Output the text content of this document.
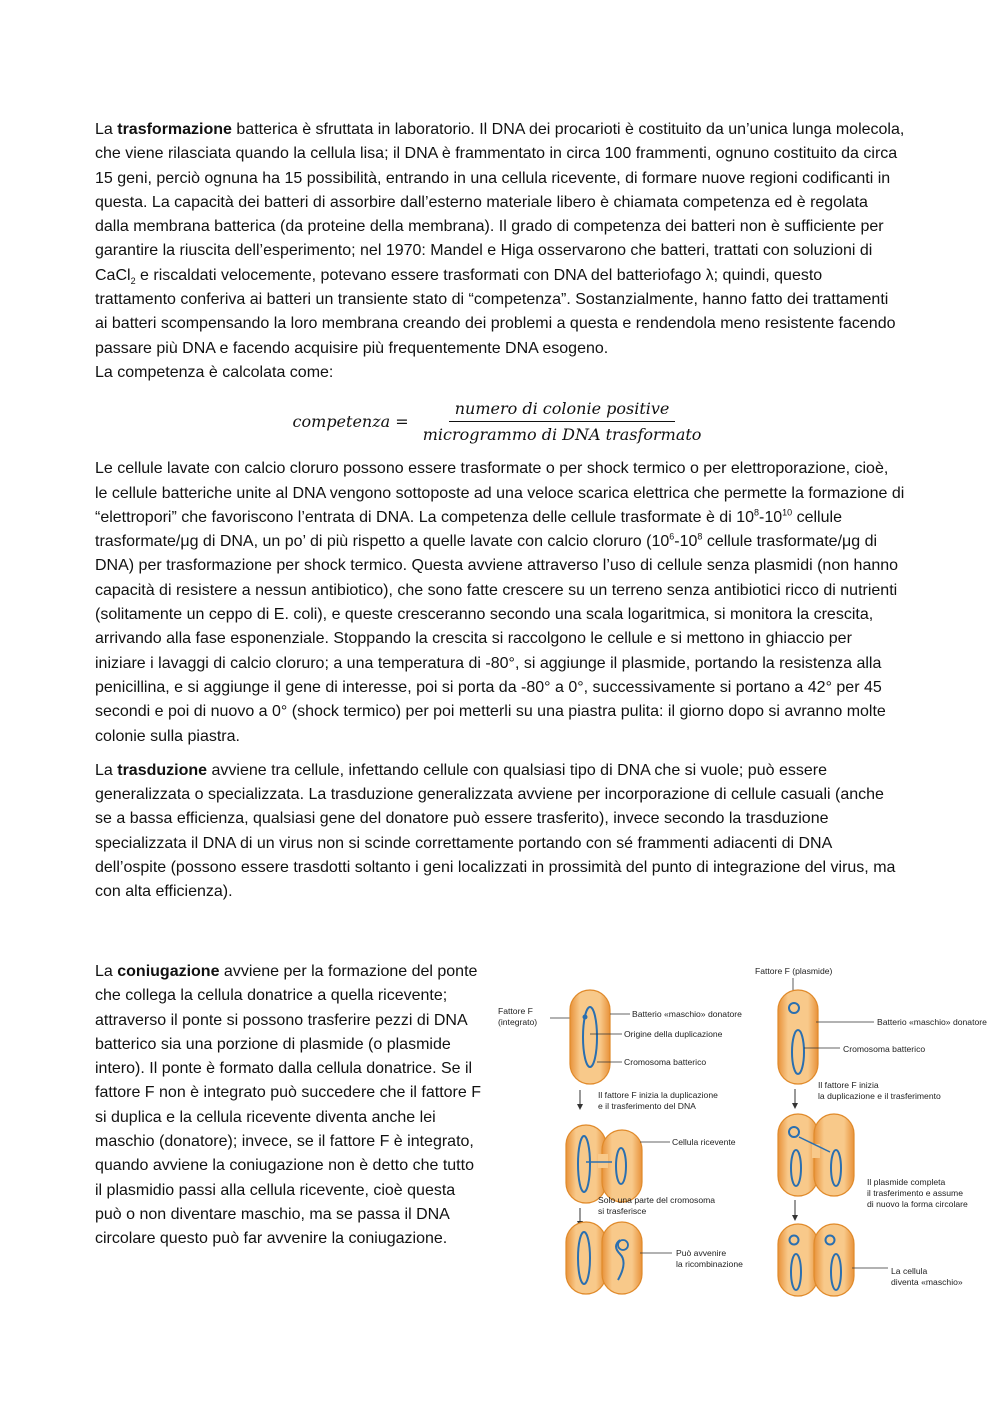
La trasformazione batterica è sfruttata in laboratorio. Il DNA dei procarioti è costituito da un’unica lunga molecola, che viene rilasciata quando la cellula lisa; il DNA è frammentato in circa 100 frammenti, ognuno costituito da circa 15 geni, perciò ognuna ha 15 possibilità, entrando in una cellula ricevente, di formare nuove regioni codificanti in questa. La capacità dei batteri di assorbire dall’esterno materiale libero è chiamata competenza ed è regolata dalla membrana batterica (da proteine della membrana). Il grado di competenza dei batteri non è sufficiente per garantire la riuscita dell’esperimento; nel 1970: Mandel e Higa osservarono che batteri, trattati con soluzioni di CaCl$_2$ e riscaldati velocemente, potevano essere trasformati con DNA del batteriofago λ; quindi, questo trattamento conferiva ai batteri un transiente stato di “competenza”. Sostanzialmente, hanno fatto dei trattamenti ai batteri scompensando la loro membrana creando dei problemi a questa e rendendola meno resistente facendo passare più DNA e facendo acquisire più frequentemente DNA esogeno.
La competenza è calcolata come:

competenza = $\frac{\text{numero di colonie positive}}{\text{microgrammo di DNA trasformato}}$

Le cellule lavate con calcio cloruro possono essere trasformate o per shock termico o per elettroporazione, cioè, le cellule batteriche unite al DNA vengono sottoposte ad una veloce scarica elettrica che permette la formazione di “elettropori” che favoriscono l’entrata di DNA. La competenza delle cellule trasformate è di $10^8-10^{10}$ cellule trasformate/μg di DNA, un po’ di più rispetto a quelle lavate con calcio cloruro ($10^6-10^8$ cellule trasformate/μg di DNA) per trasformazione per shock termico. Questa avviene attraverso l’uso di cellule senza plasmidi (non hanno capacità di resistere a nessun antibiotico), che sono fatte crescere su un terreno senza antibiotici ricco di nutrienti (solitamente un ceppo di E. coli), e queste cresceranno secondo una scala logaritmica, si monitora la crescita, arrivando alla fase esponenziale. Stoppando la crescita si raccolgono le cellule e si mettono in ghiaccio per iniziare i lavaggi di calcio cloruro; a una temperatura di -80°, si aggiunge il plasmide, portando la resistenza alla penicillina, e si aggiunge il gene di interesse, poi si porta da -80° a 0°, successivamente si portano a 42° per 45 secondi e poi di nuovo a 0° (shock termico) per poi metterli su una piastra pulita: il giorno dopo si avranno molte colonie sulla piastra.

La trasduzione avviene tra cellule, infettando cellule con qualsiasi tipo di DNA che si vuole; può essere generalizzata o specializzata. La trasduzione generalizzata avviene per incorporazione di cellule casuali (anche se a bassa efficienza, qualsiasi gene del donatore può essere trasferito), invece secondo la trasduzione specializzata il DNA di un virus non si scinde correttamente portando con sé frammenti adiacenti di DNA dell’ospite (possono essere trasdotti soltanto i geni localizzati in prossimità del punto di integrazione del virus, ma con alta efficienza).

La coniugazione avviene per la formazione del ponte che collega la cellula donatrice a quella ricevente; attraverso il ponte si possono trasferire pezzi di DNA batterico sia una porzione di plasmide (o plasmide intero). Il ponte è formato dalla cellula donatrice. Se il fattore F non è integrato può succedere che il fattore F si duplica e la cellula ricevente diventa anche lei maschio (donatore); invece, se il fattore F è integrato, quando avviene la coniugazione non è detto che tutto il plasmidio passi alla cellula ricevente, cioè questa può o non diventare maschio, ma se passa il DNA circolare questo può far avvenire la coniugazione.

Fattore F
(integrato)
Batterio «maschio» donatore
Origine della duplicazione
Cromosoma batterico
Il fattore F inizia la duplicazione
e il trasferimento del DNA
Cellula ricevente
Solo una parte del cromosoma
si trasferisce
Può avvenire
la ricombinazione
Fattore F (plasmide)
Batterio «maschio» donatore
Cromosoma batterico
Il fattore F inizia
la duplicazione e il trasferimento
Il plasmide completa
il trasferimento e assume
di nuovo la forma circolare
La cellula
diventa «maschio»
